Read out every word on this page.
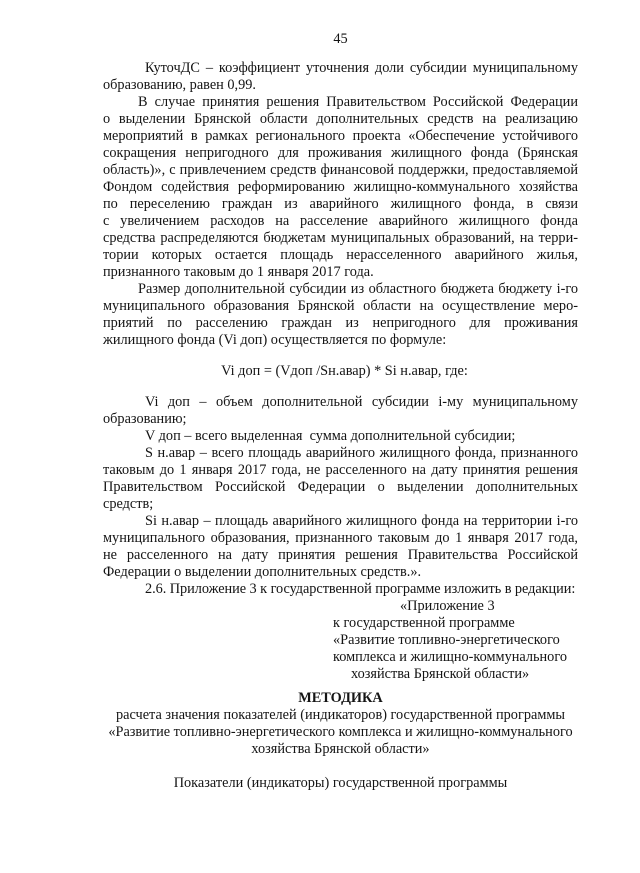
45
КуточДС – коэффициент уточнения доли субсидии муниципальному
образованию, равен 0,99.
В случае принятия решения Правительством Российской Федерации
о выделении Брянской области дополнительных средств на реализацию
мероприятий в рамках регионального проекта «Обеспечение устойчивого
сокращения непригодного для проживания жилищного фонда (Брянская
область)», с привлечением средств финансовой поддержки, предоставляемой
Фондом содействия реформированию жилищно-коммунального хозяйства
по переселению граждан из аварийного жилищного фонда, в связи
с увеличением расходов на расселение аварийного жилищного фонда
средства распределяются бюджетам муниципальных образований, на терри-
тории которых остается площадь нерасселенного аварийного жилья,
признанного таковым до 1 января 2017 года.
Размер дополнительной субсидии из областного бюджета бюджету i-го
муниципального образования Брянской области на осуществление меро-
приятий по расселению граждан из непригодного для проживания
жилищного фонда (Vi доп) осуществляется по формуле:
Vi доп = (Vдоп /Sн.авар) * Si н.авар, где:
Vi доп – объем дополнительной субсидии i-му муниципальному
образованию;
V доп – всего выделенная  сумма дополнительной субсидии;
S н.авар – всего площадь аварийного жилищного фонда, признанного
таковым до 1 января 2017 года, не расселенного на дату принятия решения
Правительством Российской Федерации о выделении дополнительных
средств;
Si н.авар – площадь аварийного жилищного фонда на территории i-го
муниципального образования, признанного таковым до 1 января 2017 года,
не расселенного на дату принятия решения Правительства Российской
Федерации о выделении дополнительных средств.».
2.6. Приложение 3 к государственной программе изложить в редакции:
«Приложение 3
к государственной программе
«Развитие топливно-энергетического
комплекса и жилищно-коммунального
хозяйства Брянской области»
МЕТОДИКА
расчета значения показателей (индикаторов) государственной программы
«Развитие топливно-энергетического комплекса и жилищно-коммунального
хозяйства Брянской области»
Показатели (индикаторы) государственной программы
